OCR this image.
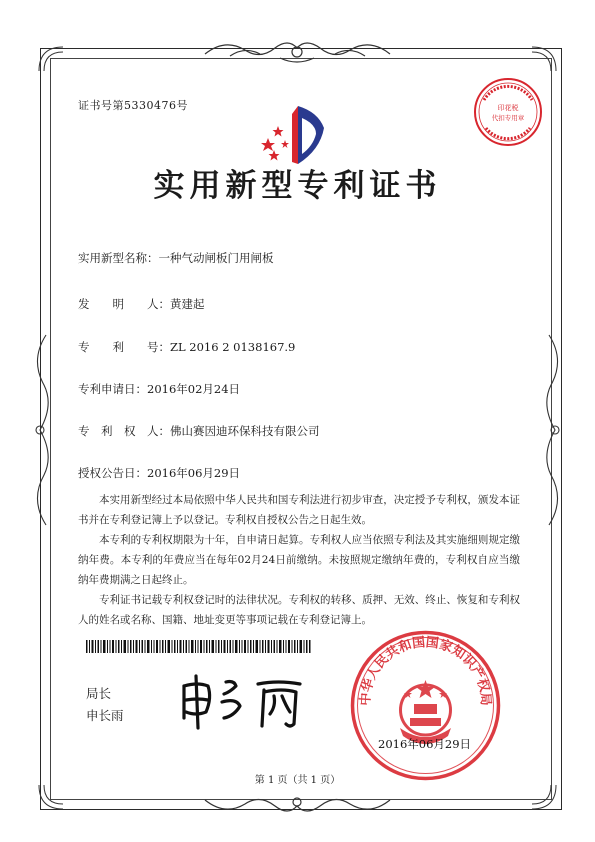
证书号第5330476号	印花税
代扣专用章
实用新型专利证书
实用新型名称：一种气动闸板门用闸板
发　　明　　人：黄建起
专　　利　　号：ZL 2016 2 0138167.9
专利申请日：2016年02月24日
专　利　权　人：佛山赛因迪环保科技有限公司
授权公告日：2016年06月29日

本实用新型经过本局依照中华人民共和国专利法进行初步审查，决定授予专利权，颁发本证书并在专利登记簿上予以登记。专利权自授权公告之日起生效。

本专利的专利权期限为十年，自申请日起算。专利权人应当依照专利法及其实施细则规定缴纳年费。本专利的年费应当在每年02月24日前缴纳。未按照规定缴纳年费的，专利权自应当缴纳年费期满之日起终止。

专利证书记载专利权登记时的法律状况。专利权的转移、质押、无效、终止、恢复和专利权人的姓名或名称、国籍、地址变更等事项记载在专利登记簿上。

局长
申长雨
中华人民共和国国家知识产权局
2016年06月29日
第 1 页（共 1 页）
